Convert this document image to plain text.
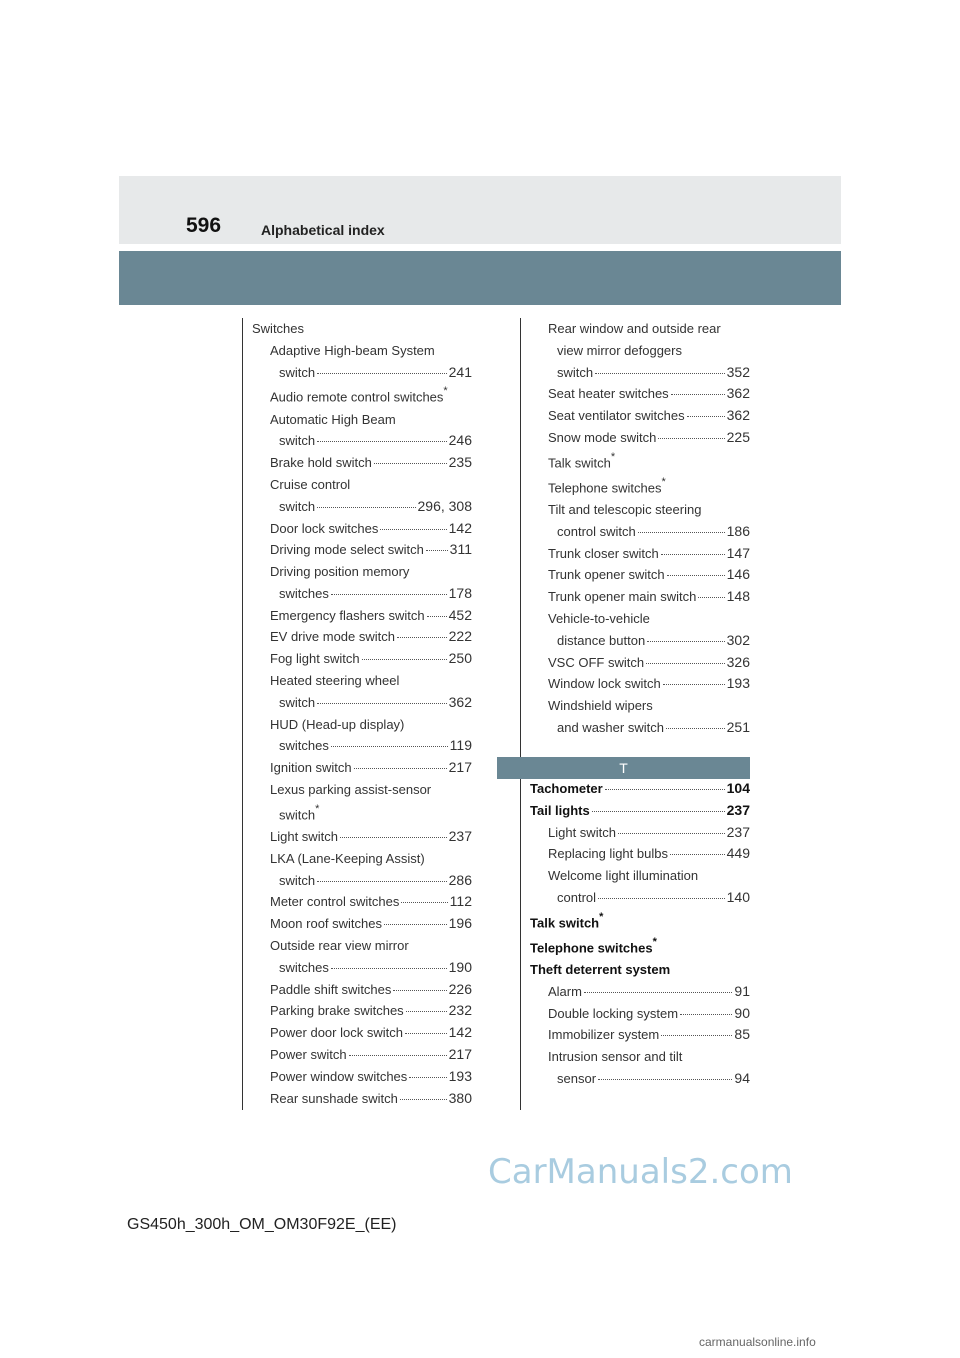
596	Alphabetical index
Switches
Adaptive High-beam System
switch	241
Audio remote control switches*
Automatic High Beam
switch	246
Brake hold switch	235
Cruise control
switch	296, 308
Door lock switches	142
Driving mode select switch 311
Driving position memory
switches	178
Emergency flashers switch 452
EV drive mode switch	222
Fog light switch	250
Heated steering wheel
switch	362
HUD (Head-up display)
switches	119
Ignition switch	217
Lexus parking assist-sensor
switch*
Light switch	237
LKA (Lane-Keeping Assist)
switch	286
Meter control switches	112
Moon roof switches	196
Outside rear view mirror
switches	190
Paddle shift switches	226
Parking brake switches	232
Power door lock switch	142
Power switch	217
Power window switches	193
Rear sunshade switch	380
Rear window and outside rear
view mirror defoggers
switch	352
Seat heater switches	362
Seat ventilator switches	362
Snow mode switch	225
Talk switch*
Telephone switches*
Tilt and telescopic steering
control switch	186
Trunk closer switch	147
Trunk opener switch	146
Trunk opener main switch 148
Vehicle-to-vehicle
distance button	302
VSC OFF switch	326
Window lock switch	193
Windshield wipers
and washer switch	251
T
Tachometer	104
Tail lights	237
Light switch	237
Replacing light bulbs	449
Welcome light illumination
control	140
Talk switch*
Telephone switches*
Theft deterrent system
Alarm	91
Double locking system	90
Immobilizer system	85
Intrusion sensor and tilt
sensor	94
GS450h_300h_OM_OM30F92E_(EE)
CarManuals2.com
carmanualsonline.info
